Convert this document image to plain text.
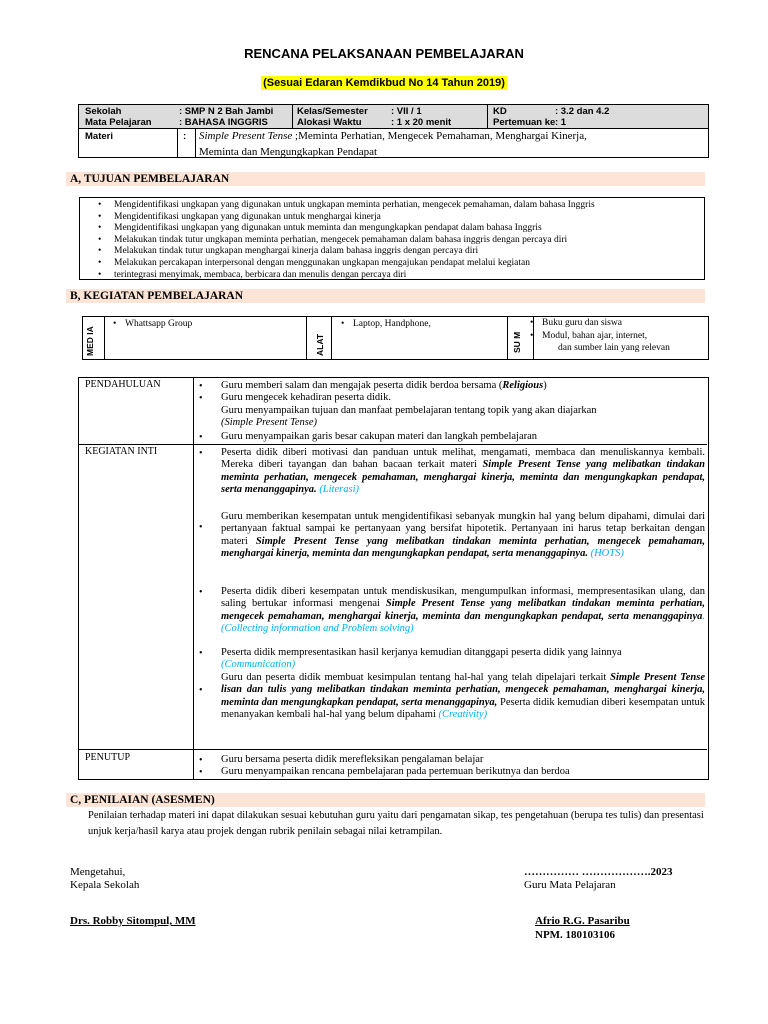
RENCANA PELAKSANAAN PEMBELAJARAN
(Sesuai Edaran Kemdikbud No 14 Tahun 2019)
Sekolah	: SMP N 2 Bah Jambi
Mata Pelajaran	: BAHASA INGGRIS
Kelas/Semester : VII / 1
Alokasi Waktu	: 1 x 20 menit
KD	: 3.2 dan 4.2
Pertemuan ke : 1
Materi	: Simple Present Tense ;Meminta Perhatian, Mengecek Pemahaman, Menghargai Kinerja,
Meminta dan Mengungkapkan Pendapat
A, TUJUAN PEMBELAJARAN
• Mengidentifikasi ungkapan yang digunakan untuk ungkapan meminta perhatian, mengecek pemahaman, dalam bahasa Inggris
• Mengidentifikasi ungkapan yang digunakan untuk menghargai kinerja
• Mengidentifikasi ungkapan yang digunakan untuk meminta dan mengungkapkan pendapat dalam bahasa Inggris
• Melakukan tindak tutur ungkapan meminta perhatian, mengecek pemahaman dalam bahasa inggris dengan percaya diri
• Melakukan tindak tutur ungkapan menghargai kinerja dalam bahasa inggris dengan percaya diri
• Melakukan percakapan interpersonal dengan menggunakan ungkapan mengajukan pendapat melalui kegiatan
• terintegrasi menyimak, membaca, berbicara dan menulis dengan percaya diri
B, KEGIATAN PEMBELAJARAN
MED IA
• Whattsapp Group
ALAT
• Laptop, Handphone,
SU M
• Buku guru dan siswa
• Modul, bahan ajar, internet,
dan sumber lain yang relevan
PENDAHULUAN	•	Guru memberi salam dan mengajak peserta didik berdoa bersama (Religious)
•	Guru mengecek kehadiran peserta didik.
Guru menyampaikan tujuan dan manfaat pembelajaran tentang topik yang akan diajarkan
(Simple Present Tense)
•	Guru menyampaikan garis besar cakupan materi dan langkah pembelajaran
KEGIATAN INTI	•	Peserta didik diberi motivasi dan panduan untuk melihat, mengamati, membaca dan menuliskannya kembali. Mereka diberi tayangan dan bahan bacaan terkait materi Simple Present Tense yang melibatkan tindakan meminta perhatian, mengecek pemahaman, menghargai kinerja, meminta dan mengungkapkan pendapat, serta menanggapinya. (Literasi)
•
Guru memberikan kesempatan untuk mengidentifikasi sebanyak mungkin hal yang belum dipahami, dimulai dari pertanyaan faktual sampai ke pertanyaan yang bersifat hipotetik. Pertanyaan ini harus tetap berkaitan dengan materi Simple Present Tense yang melibatkan tindakan meminta perhatian, mengecek pemahaman, menghargai kinerja, meminta dan mengungkapkan pendapat, serta menanggapinya. (HOTS)
•	Peserta didik diberi kesempatan untuk mendiskusikan, mengumpulkan informasi, mempresentasikan ulang, dan saling bertukar informasi mengenai Simple Present Tense yang melibatkan tindakan meminta perhatian, mengecek pemahaman, menghargai kinerja, meminta dan mengungkapkan pendapat, serta menanggapinya.(Collecting information and Problem solving)
•	Peserta didik mempresentasikan hasil kerjanya kemudian ditanggapi peserta didik yang lainnya
(Communication)
•
Guru dan peserta didik membuat kesimpulan tentang hal-hal yang telah dipelajari terkait Simple Present Tense lisan dan tulis yang melibatkan tindakan meminta perhatian, mengecek pemahaman, menghargai kinerja, meminta dan mengungkapkan pendapat, serta menanggapinya, Peserta didik kemudian diberi kesempatan untuk menanyakan kembali hal-hal yang belum dipahami (Creativity)
PENUTUP	•	Guru bersama peserta didik merefleksikan pengalaman belajar
•	Guru menyampaikan rencana pembelajaran pada pertemuan berikutnya dan berdoa
C, PENILAIAN (ASESMEN)
Penilaian terhadap materi ini dapat dilakukan sesuai kebutuhan guru yaitu dari pengamatan sikap, tes pengetahuan (berupa tes tulis) dan presentasi unjuk kerja/hasil karya atau projek dengan rubrik penilain sebagai nilai ketrampilan.
Mengetahui,
Kepala Sekolah
…………… ……………….2023
Guru Mata Pelajaran
Drs. Robby Sitompul, MM	Afrio R.G. Pasaribu
NPM. 180103106
